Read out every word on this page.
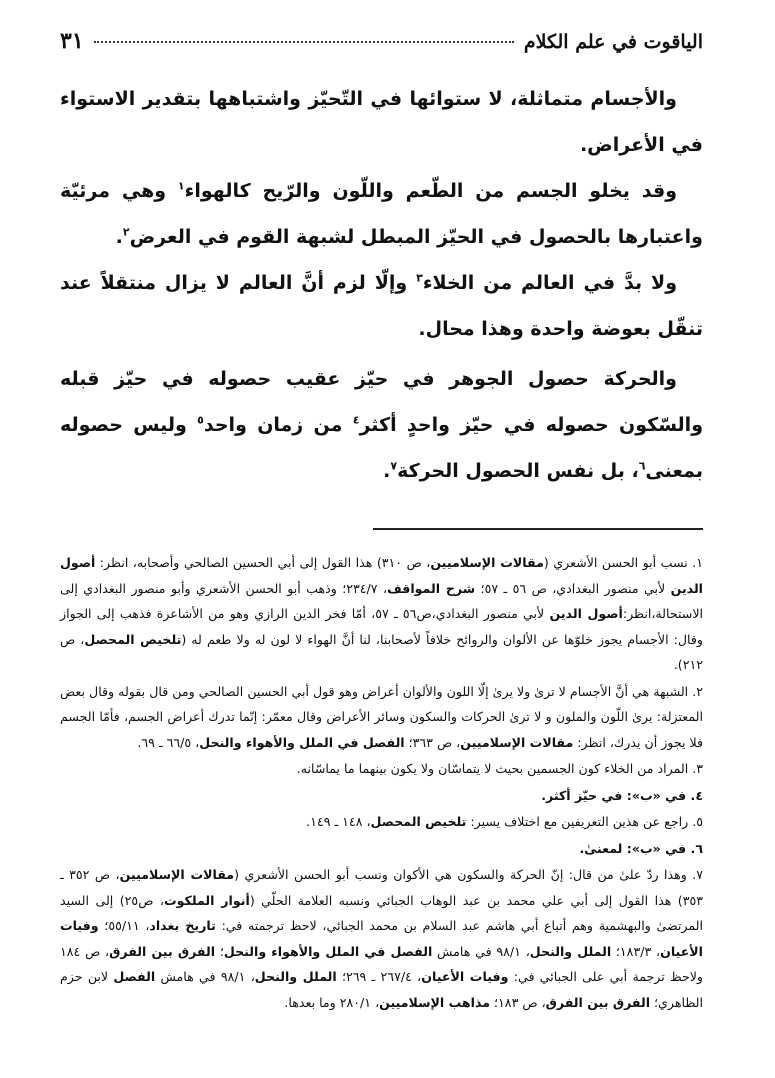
الياقوت في علم الكلام
٣١

والأجسام متماثلة، لا ستوائها في التّحيّز واشتباهها بتقدير الاستواء في الأعراض.

وقد يخلو الجسم من الطّعم واللّون والرّيح كالهواء$^١$ وهي مرئيّة واعتبارها بالحصول في الحيّز المبطل لشبهة القوم في العرض$^٢$.

ولا بدَّ في العالم من الخلاء$^٣$ وإلّا لزم أنَّ العالم لا يزال منتقلاً عند تنقّل بعوضة واحدة وهذا محال.

والحركة حصول الجوهر في حيّز عقيب حصوله في حيّز قبله والسّكون حصوله في حيّز واحدٍ أكثر$^٤$ من زمان واحد$^٥$ وليس حصوله بمعنى$^٦$، بل نفس الحصول الحركة$^٧$.

١. نسب أبو الحسن الأشعري (مقالات الإسلاميين، ص ٣١٠) هذا القول إلى أبي الحسين الصالحي وأصحابه، انظر: أصول الدين لأبي منصور البغدادي، ص ٥٦ ـ ٥٧؛ شرح المواقف، ٢٣٤/٧؛ وذهب أبو الحسن الأشعري وأبو منصور البغدادي إلى الاستحالة،انظر:أصول الدين لأبي منصور البغدادي،ص٥٦ ـ ٥٧، أمّا فخر الدين الرازي وهو من الأشاعرة فذهب إلى الجواز وقال: الأجسام يجوز خلوّها عن الألوان والروائح خلافاً لأصحابنا، لنا أنَّ الهواء لا لون له ولا طعم له (تلخيص المحصل، ص ٢١٢).
٢. الشبهة هي أنَّ الأجسام لا ترىٰ ولا يرىٰ إلّا اللون والألوان أعراض وهو قول أبي الحسين الصالحي ومن قال بقوله وقال بعض المعتزلة: يرىٰ اللّون والملون و لا ترىٰ الحركات والسكون وسائر الأعراض وقال معمّر: إنّما تدرك أعراض الجسم، فأمّا الجسم فلا يجوز أن يدرك، انظر: مقالات الإسلاميين، ص ٣٦٣؛ الفصل في الملل والأهواء والنحل، ٦٦/٥ ـ ٦٩.
٣. المراد من الخلاء كون الجسمين بحيث لا يتماسّان ولا يكون بينهما ما يماسّانه.
٤. في «ب»: في حيّز أكثر.
٥. راجع عن هذين التعريفين مع اختلاف يسير: تلخيص المحصل، ١٤٨ ـ ١٤٩.
٦. في «ب»: لمعنىٰ.
٧. وهذا ردّ علىٰ من قال: إنّ الحركة والسكون هي الأكوان ونسب أبو الحسن الأشعري (مقالات الإسلاميين، ص ٣٥٢ ـ ٣٥٣) هذا القول إلى أبي علي محمد بن عبد الوهاب الجبائي ونسبه العلامة الحلّي (أنوار الملكوت، ص٢٥) إلى السيد المرتضىٰ والبهشمية وهم أتباع أبي هاشم عبد السلام بن محمد الجبائي، لاحظ ترجمته في: تاريخ بغداد، ٥٥/١١؛ وفيات الأعيان، ١٨٣/٣؛ الملل والنحل، ٩٨/١ في هامش الفصل في الملل والأهواء والنحل؛ الفرق بين الفرق، ص ١٨٤ ولاحظ ترجمة أبي على الجبائي في: وفيات الأعيان، ٢٦٧/٤ ـ ٢٦٩؛ الملل والنحل، ٩٨/١ في هامش الفصل لابن حزم الظاهري؛ الفرق بين الفرق، ص ١٨٣؛ مذاهب الإسلاميين، ٢٨٠/١ وما بعدها.
